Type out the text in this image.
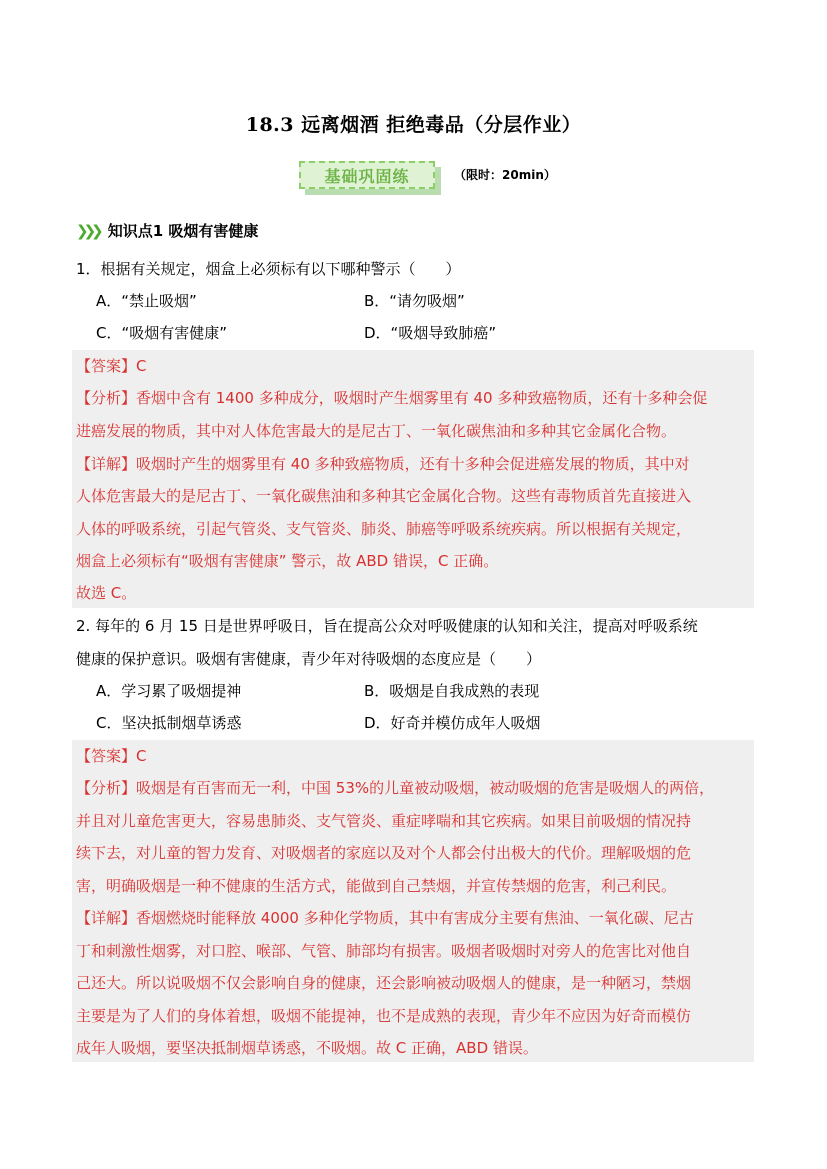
18.3 远离烟酒 拒绝毒品（分层作业）
基础巩固练	（限时：20min）
❯❯❯ 知识点1 吸烟有害健康
1．根据有关规定，烟盒上必须标有以下哪种警示（　　）
A．“禁止吸烟”	B．“请勿吸烟”
C．“吸烟有害健康”	D．“吸烟导致肺癌”
【答案】C
【分析】香烟中含有 1400 多种成分，吸烟时产生烟雾里有 40 多种致癌物质，还有十多种会促
进癌发展的物质，其中对人体危害最大的是尼古丁、一氧化碳焦油和多种其它金属化合物。
【详解】吸烟时产生的烟雾里有 40 多种致癌物质，还有十多种会促进癌发展的物质，其中对
人体危害最大的是尼古丁、一氧化碳焦油和多种其它金属化合物。这些有毒物质首先直接进入
人体的呼吸系统，引起气管炎、支气管炎、肺炎、肺癌等呼吸系统疾病。所以根据有关规定，
烟盒上必须标有“吸烟有害健康” 警示，故 ABD 错误，C 正确。
故选 C。
2. 每年的 6 月 15 日是世界呼吸日，旨在提高公众对呼吸健康的认知和关注，提高对呼吸系统
健康的保护意识。吸烟有害健康，青少年对待吸烟的态度应是（　　）
A．学习累了吸烟提神	B．吸烟是自我成熟的表现
C．坚决抵制烟草诱惑	D．好奇并模仿成年人吸烟
【答案】C
【分析】吸烟是有百害而无一利，中国 53%的儿童被动吸烟，被动吸烟的危害是吸烟人的两倍，
并且对儿童危害更大，容易患肺炎、支气管炎、重症哮喘和其它疾病。如果目前吸烟的情况持
续下去，对儿童的智力发育、对吸烟者的家庭以及对个人都会付出极大的代价。理解吸烟的危
害，明确吸烟是一种不健康的生活方式，能做到自己禁烟，并宣传禁烟的危害，利己利民。
【详解】香烟燃烧时能释放 4000 多种化学物质，其中有害成分主要有焦油、一氧化碳、尼古
丁和刺激性烟雾，对口腔、喉部、气管、肺部均有损害。吸烟者吸烟时对旁人的危害比对他自
己还大。所以说吸烟不仅会影响自身的健康，还会影响被动吸烟人的健康，是一种陋习，禁烟
主要是为了人们的身体着想，吸烟不能提神，也不是成熟的表现，青少年不应因为好奇而模仿
成年人吸烟，要坚决抵制烟草诱惑，不吸烟。故 C 正确，ABD 错误。
